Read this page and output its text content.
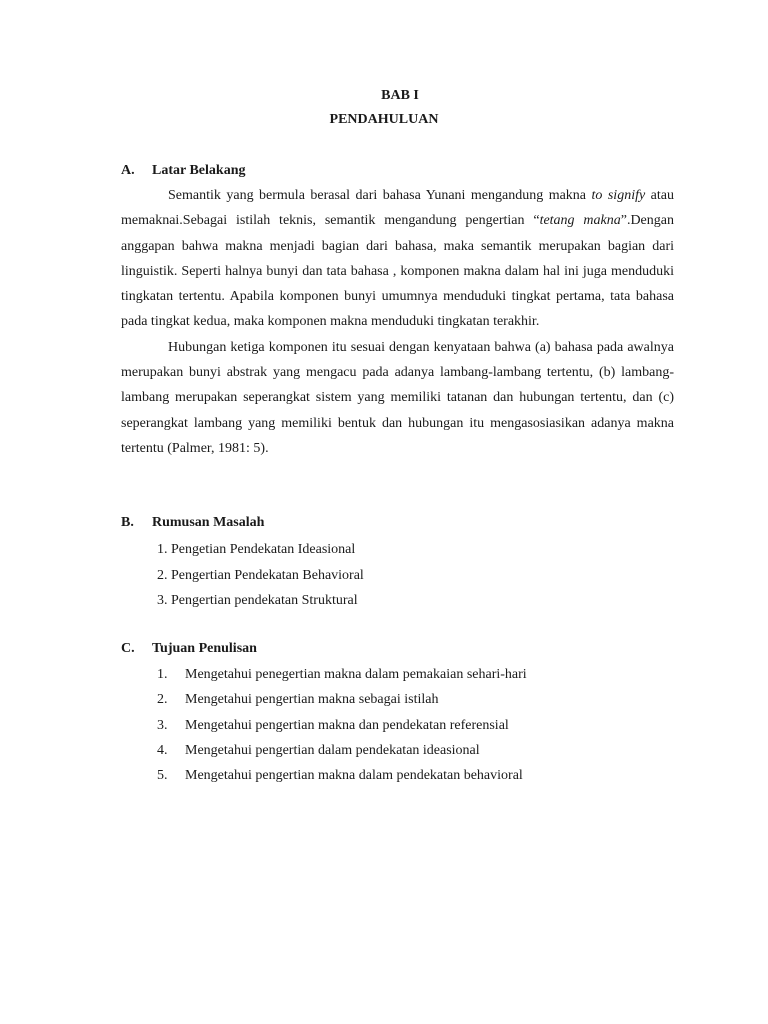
BAB I
PENDAHULUAN
A. Latar Belakang

Semantik yang bermula berasal dari bahasa Yunani mengandung makna to signify atau memaknai.Sebagai istilah teknis, semantik mengandung pengertian “tetang makna”.Dengan anggapan bahwa makna menjadi bagian dari bahasa, maka semantik merupakan bagian dari linguistik. Seperti halnya bunyi dan tata bahasa , komponen makna dalam hal ini juga menduduki tingkatan tertentu. Apabila komponen bunyi umumnya menduduki tingkat pertama, tata bahasa pada tingkat kedua, maka komponen makna menduduki tingkatan terakhir.

Hubungan ketiga komponen itu sesuai dengan kenyataan bahwa (a) bahasa pada awalnya merupakan bunyi abstrak yang mengacu pada adanya lambang-lambang tertentu, (b) lambang-lambang merupakan seperangkat sistem yang memiliki tatanan dan hubungan tertentu, dan (c) seperangkat lambang yang memiliki bentuk dan hubungan itu mengasosiasikan adanya makna tertentu (Palmer, 1981: 5).

B. Rumusan Masalah
1. Pengetian Pendekatan Ideasional
2. Pengertian Pendekatan Behavioral
3. Pengertian pendekatan Struktural
C. Tujuan Penulisan
1. Mengetahui penegertian makna dalam pemakaian sehari-hari
2. Mengetahui pengertian makna sebagai istilah
3. Mengetahui pengertian makna dan pendekatan referensial
4. Mengetahui pengertian dalam pendekatan ideasional
5. Mengetahui pengertian makna dalam pendekatan behavioral
